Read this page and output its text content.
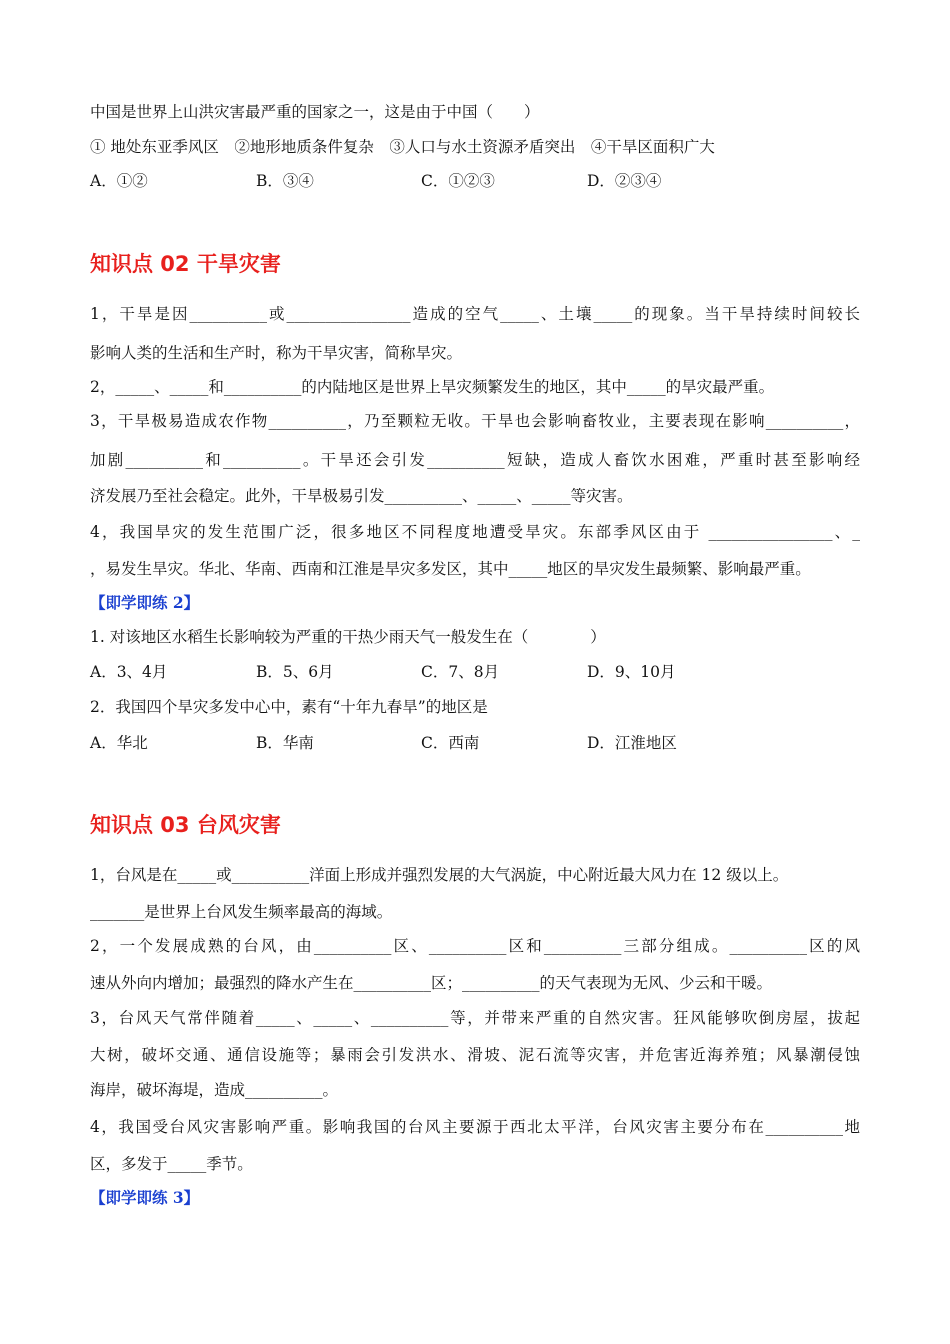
中国是世界上山洪灾害最严重的国家之一，这是由于中国（　　）
① 地处东亚季风区　②地形地质条件复杂　③人口与水土资源矛盾突出　④干旱区面积广大
A．①②	B．③④	C．①②③	D．②③④
知识点 02 干旱灾害
1，干旱是因__________或________________造成的空气_____、土壤_____的现象。当干旱持续时间较长
影响人类的生活和生产时，称为干旱灾害，简称旱灾。
2，_____、_____和__________的内陆地区是世界上旱灾频繁发生的地区，其中_____的旱灾最严重。
3，干旱极易造成农作物__________，乃至颗粒无收。干旱也会影响畜牧业，主要表现在影响__________，
加剧__________和__________。干旱还会引发__________短缺，造成人畜饮水困难，严重时甚至影响经
济发展乃至社会稳定。此外，干旱极易引发__________、_____、_____等灾害。
4，我国旱灾的发生范围广泛，很多地区不同程度地遭受旱灾。东部季风区由于 ________________、_
，易发生旱灾。华北、华南、西南和江淮是旱灾多发区，其中_____地区的旱灾发生最频繁、影响最严重。
【即学即练 2】
1. 对该地区水稻生长影响较为严重的干热少雨天气一般发生在（　　　　）
A．3、4月	B．5、6月	C．7、8月	D．9、10月
2．我国四个旱灾多发中心中，素有“十年九春旱”的地区是
A．华北	B．华南	C．西南	D．江淮地区
知识点 03 台风灾害
1，台风是在_____或__________洋面上形成并强烈发展的大气涡旋，中心附近最大风力在 12 级以上。
_______是世界上台风发生频率最高的海域。
2，一个发展成熟的台风，由__________区、__________区和__________三部分组成。__________区的风
速从外向内增加；最强烈的降水产生在__________区；__________的天气表现为无风、少云和干暖。
3，台风天气常伴随着_____、_____、__________等，并带来严重的自然灾害。狂风能够吹倒房屋，拔起
大树，破坏交通、通信设施等；暴雨会引发洪水、滑坡、泥石流等灾害，并危害近海养殖；风暴潮侵蚀
海岸，破坏海堤，造成__________。
4，我国受台风灾害影响严重。影响我国的台风主要源于西北太平洋，台风灾害主要分布在__________地
区，多发于_____季节。
【即学即练 3】
